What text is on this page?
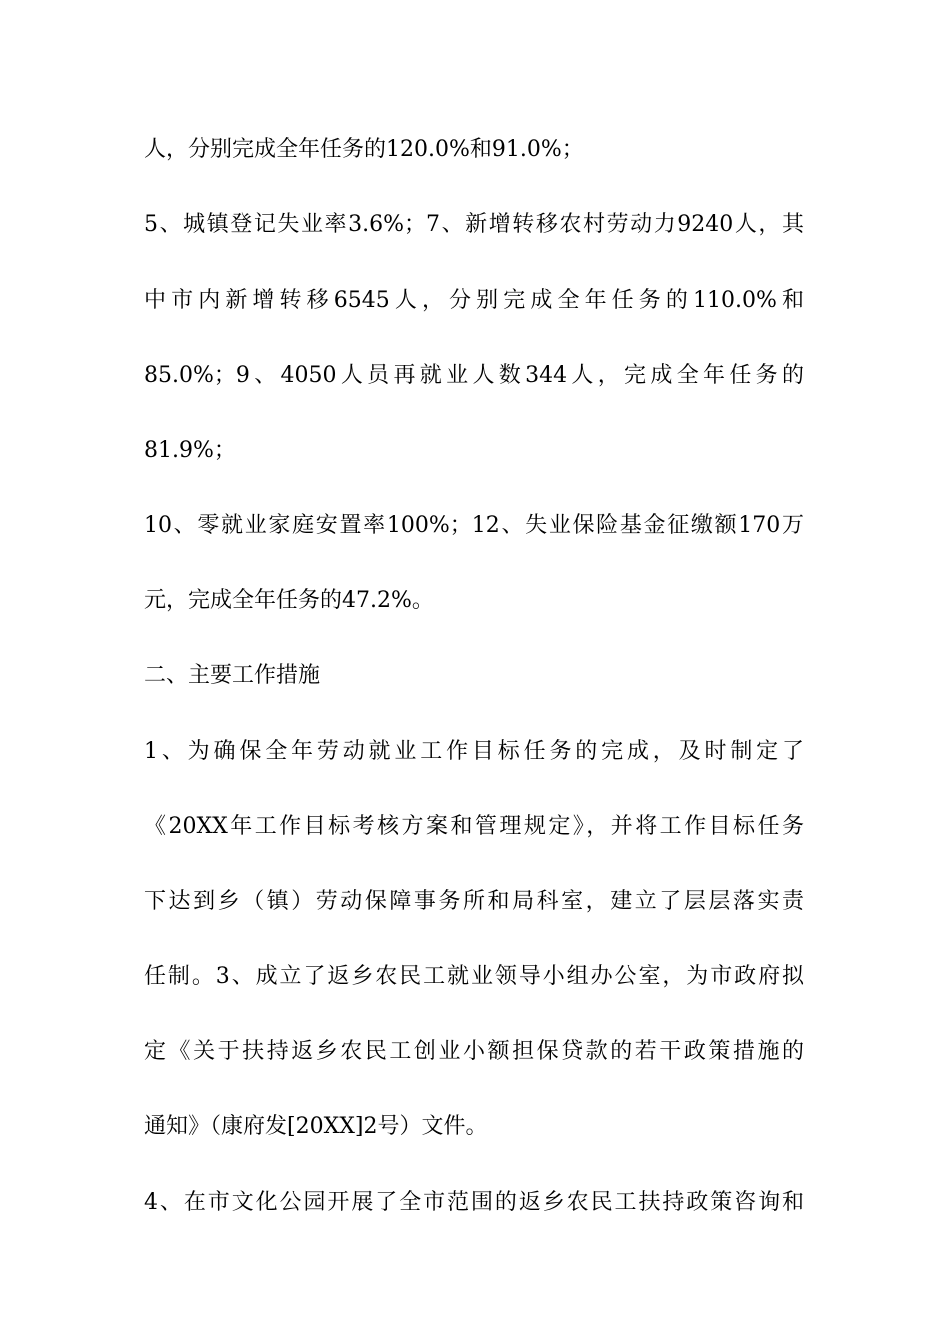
人，分别完成全年任务的120.0%和91.0%；
5、城镇登记失业率3.6%；7、新增转移农村劳动力9240人，其
中市内新增转移6545人，分别完成全年任务的110.0%和
85.0%；9、4050人员再就业人数344人，完成全年任务的
81.9%；
10、零就业家庭安置率100%；12、失业保险基金征缴额170万
元，完成全年任务的47.2%。
二、主要工作措施
1、为确保全年劳动就业工作目标任务的完成，及时制定了
《20XX年工作目标考核方案和管理规定》，并将工作目标任务
下达到乡（镇）劳动保障事务所和局科室，建立了层层落实责
任制。3、成立了返乡农民工就业领导小组办公室，为市政府拟
定《关于扶持返乡农民工创业小额担保贷款的若干政策措施的
通知》（康府发[20XX]2号）文件。
4、在市文化公园开展了全市范围的返乡农民工扶持政策咨询和
